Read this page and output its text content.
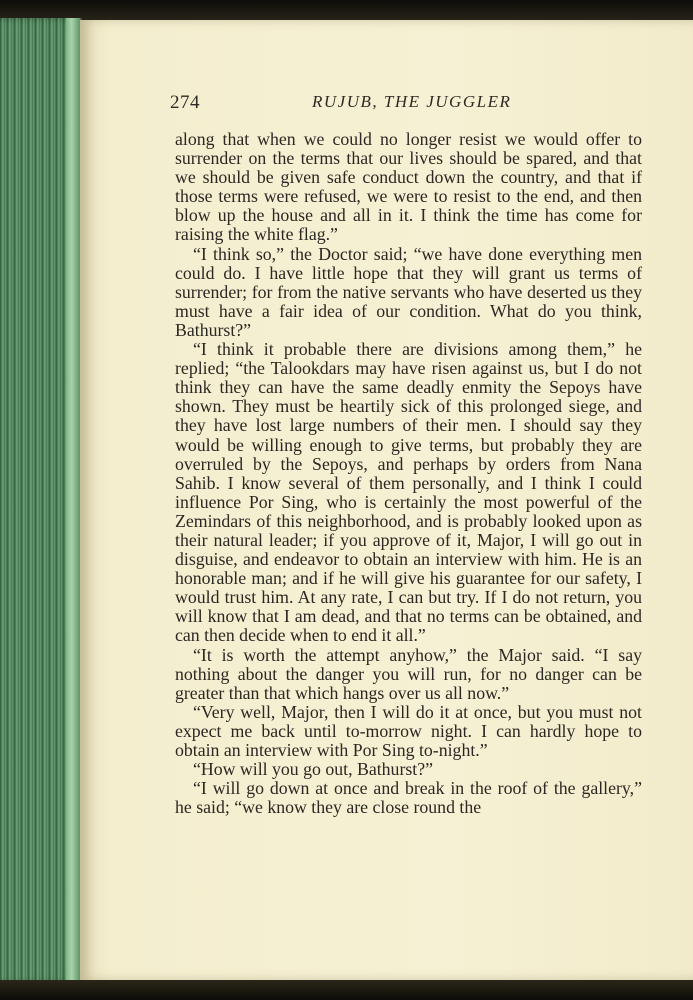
274	RUJUB, THE JUGGLER

along that when we could no longer resist we would offer to surrender on the terms that our lives should be spared, and that we should be given safe conduct down the country, and that if those terms were refused, we were to resist to the end, and then blow up the house and all in it. I think the time has come for raising the white flag.”

“I think so,” the Doctor said; “we have done everything men could do. I have little hope that they will grant us terms of surrender; for from the native servants who have deserted us they must have a fair idea of our condition. What do you think, Bathurst?”

“I think it probable there are divisions among them,” he replied; “the Talookdars may have risen against us, but I do not think they can have the same deadly enmity the Sepoys have shown. They must be heartily sick of this prolonged siege, and they have lost large numbers of their men. I should say they would be willing enough to give terms, but probably they are overruled by the Sepoys, and perhaps by orders from Nana Sahib. I know several of them personally, and I think I could influence Por Sing, who is certainly the most powerful of the Zemindars of this neighborhood, and is probably looked upon as their natural leader; if you approve of it, Major, I will go out in disguise, and endeavor to obtain an interview with him. He is an honorable man; and if he will give his guarantee for our safety, I would trust him. At any rate, I can but try. If I do not return, you will know that I am dead, and that no terms can be obtained, and can then decide when to end it all.”

“It is worth the attempt anyhow,” the Major said. “I say nothing about the danger you will run, for no danger can be greater than that which hangs over us all now.”

“Very well, Major, then I will do it at once, but you must not expect me back until to-morrow night. I can hardly hope to obtain an interview with Por Sing to-night.”

“How will you go out, Bathurst?”

“I will go down at once and break in the roof of the gallery,” he said; “we know they are close round the
